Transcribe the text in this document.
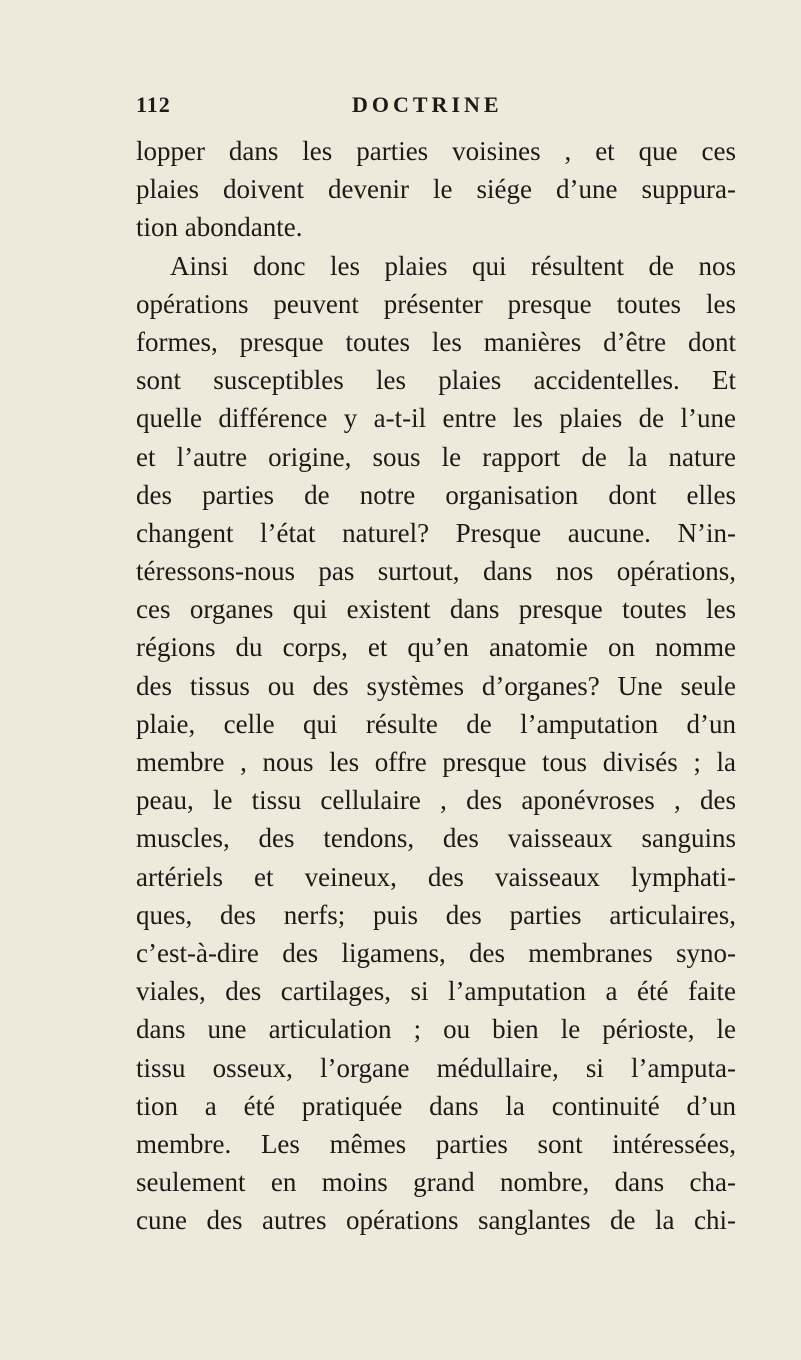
112	DOCTRINE
lopper dans les parties voisines , et que ces
plaies doivent devenir le siége d’une suppura-
tion abondante.
Ainsi donc les plaies qui résultent de nos
opérations peuvent présenter presque toutes les
formes, presque toutes les manières d’être dont
sont susceptibles les plaies accidentelles. Et
quelle différence y a-t-il entre les plaies de l’une
et l’autre origine, sous le rapport de la nature
des parties de notre organisation dont elles
changent l’état naturel? Presque aucune. N’in-
téressons-nous pas surtout, dans nos opérations,
ces organes qui existent dans presque toutes les
régions du corps, et qu’en anatomie on nomme
des tissus ou des systèmes d’organes? Une seule
plaie, celle qui résulte de l’amputation d’un
membre , nous les offre presque tous divisés ; la
peau, le tissu cellulaire , des aponévroses , des
muscles, des tendons, des vaisseaux sanguins
artériels et veineux, des vaisseaux lymphati-
ques, des nerfs; puis des parties articulaires,
c’est-à-dire des ligamens, des membranes syno-
viales, des cartilages, si l’amputation a été faite
dans une articulation ; ou bien le périoste, le
tissu osseux, l’organe médullaire, si l’amputa-
tion a été pratiquée dans la continuité d’un
membre. Les mêmes parties sont intéressées,
seulement en moins grand nombre, dans cha-
cune des autres opérations sanglantes de la chi-
